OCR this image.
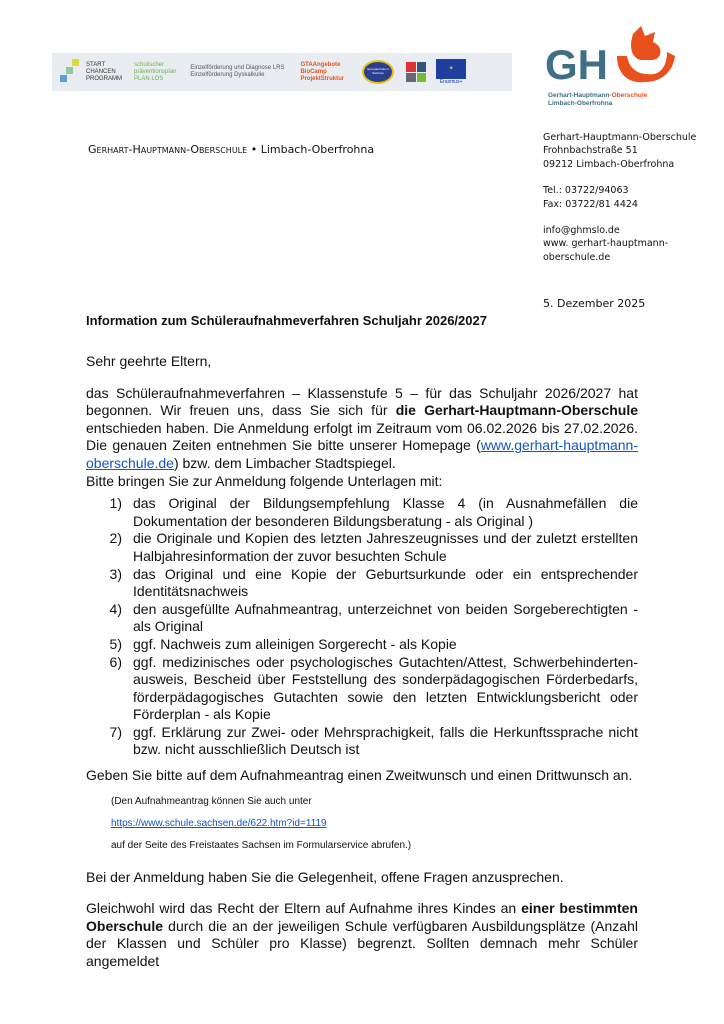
START
CHANCEN
PROGRAMM
schulischer
präventionsplan
PLAN LOS
Einzelförderung und Diagnose LRS
Einzelförderung Dyskalkulie
GTAAngebote
BioCamp
ProjektStruktur
Europaschule in Sachsen
✦
Erasmus+ GH
Gerhart-Hauptmann-Oberschule
Limbach-Oberfrohna
Gerhart-Hauptmann-Oberschule
Frohnbachstraße 51
09212 Limbach-Oberfrohna
Tel.: 03722/94063
Fax: 03722/81 4424
info@ghmslo.de
www. gerhart-hauptmann-oberschule.de
Gerhart-Hauptmann-Oberschule • Limbach-Oberfrohna
5. Dezember 2025
Information zum Schüleraufnahmeverfahren Schuljahr 2026/2027

Sehr geehrte Eltern,

das Schüleraufnahmeverfahren – Klassenstufe 5 – für das Schuljahr 2026/2027 hat begonnen. Wir freuen uns, dass Sie sich für die Gerhart-Hauptmann-Oberschule entschieden haben. Die Anmeldung erfolgt im Zeitraum vom 06.02.2026 bis 27.02.2026. Die genauen Zeiten entnehmen Sie bitte unserer Homepage (www.gerhart-hauptmann-oberschule.de) bzw. dem Limbacher Stadtspiegel.

Bitte bringen Sie zur Anmeldung folgende Unterlagen mit:

1) das Original der Bildungsempfehlung Klasse 4 (in Ausnahmefällen die Dokumentation der besonderen Bildungsberatung - als Original )
2) die Originale und Kopien des letzten Jahreszeugnisses und der zuletzt erstellten Halbjahresinformation der zuvor besuchten Schule
3) das Original und eine Kopie der Geburtsurkunde oder ein entsprechender Identitätsnachweis
4) den ausgefüllte Aufnahmeantrag, unterzeichnet von beiden Sorgeberechtigten - als Original
5) ggf. Nachweis zum alleinigen Sorgerecht - als Kopie
6) ggf. medizinisches oder psychologisches Gutachten/Attest, Schwerbehinderten-ausweis, Bescheid über Feststellung des sonderpädagogischen Förderbedarfs, förderpädagogisches Gutachten sowie den letzten Entwicklungsbericht oder Förderplan - als Kopie
7) ggf. Erklärung zur Zwei- oder Mehrsprachigkeit, falls die Herkunftssprache nicht bzw. nicht ausschließlich Deutsch ist

Geben Sie bitte auf dem Aufnahmeantrag einen Zweitwunsch und einen Drittwunsch an.

(Den Aufnahmeantrag können Sie auch unter
https://www.schule.sachsen.de/622.htm?id=1119
auf der Seite des Freistaates Sachsen im Formularservice abrufen.)

Bei der Anmeldung haben Sie die Gelegenheit, offene Fragen anzusprechen.

Gleichwohl wird das Recht der Eltern auf Aufnahme ihres Kindes an einer bestimmten Oberschule durch die an der jeweiligen Schule verfügbaren Ausbildungsplätze (Anzahl der Klassen und Schüler pro Klasse) begrenzt. Sollten demnach mehr Schüler angemeldet
